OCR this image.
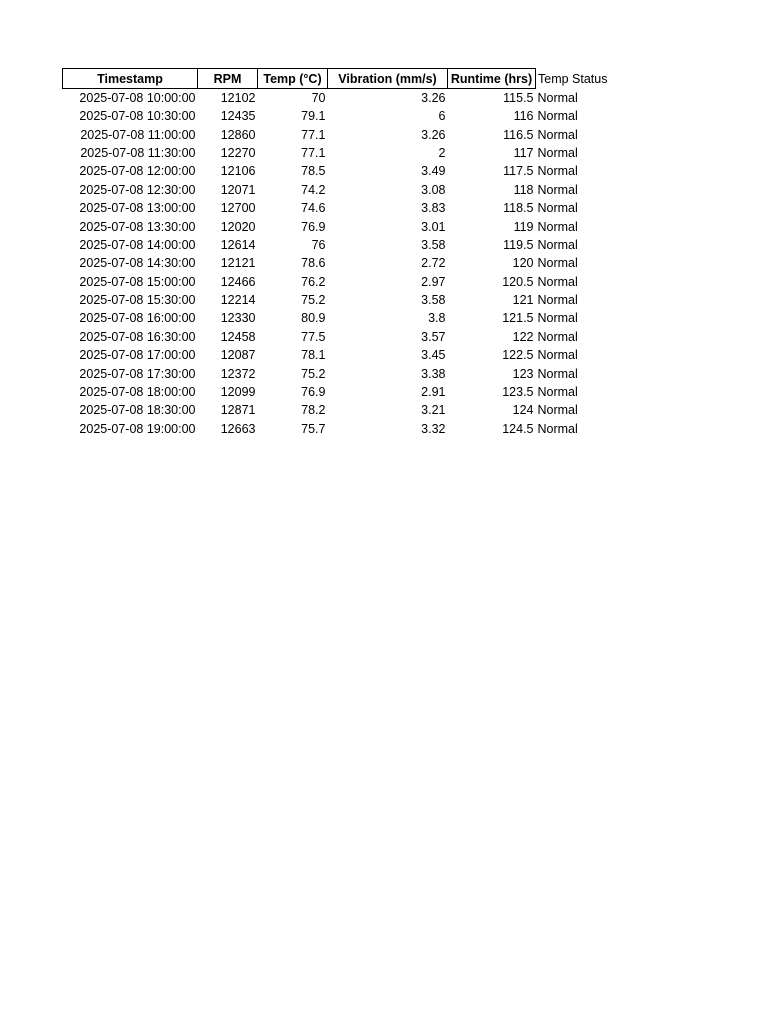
Timestamp	RPM	Temp (°C)	Vibration (mm/s)	Runtime (hrs)	Temp Status
2025-07-08 10:00:00	12102	70	3.26	115.5	Normal
2025-07-08 10:30:00	12435	79.1	6	116	Normal
2025-07-08 11:00:00	12860	77.1	3.26	116.5	Normal
2025-07-08 11:30:00	12270	77.1	2	117	Normal
2025-07-08 12:00:00	12106	78.5	3.49	117.5	Normal
2025-07-08 12:30:00	12071	74.2	3.08	118	Normal
2025-07-08 13:00:00	12700	74.6	3.83	118.5	Normal
2025-07-08 13:30:00	12020	76.9	3.01	119	Normal
2025-07-08 14:00:00	12614	76	3.58	119.5	Normal
2025-07-08 14:30:00	12121	78.6	2.72	120	Normal
2025-07-08 15:00:00	12466	76.2	2.97	120.5	Normal
2025-07-08 15:30:00	12214	75.2	3.58	121	Normal
2025-07-08 16:00:00	12330	80.9	3.8	121.5	Normal
2025-07-08 16:30:00	12458	77.5	3.57	122	Normal
2025-07-08 17:00:00	12087	78.1	3.45	122.5	Normal
2025-07-08 17:30:00	12372	75.2	3.38	123	Normal
2025-07-08 18:00:00	12099	76.9	2.91	123.5	Normal
2025-07-08 18:30:00	12871	78.2	3.21	124	Normal
2025-07-08 19:00:00	12663	75.7	3.32	124.5	Normal
